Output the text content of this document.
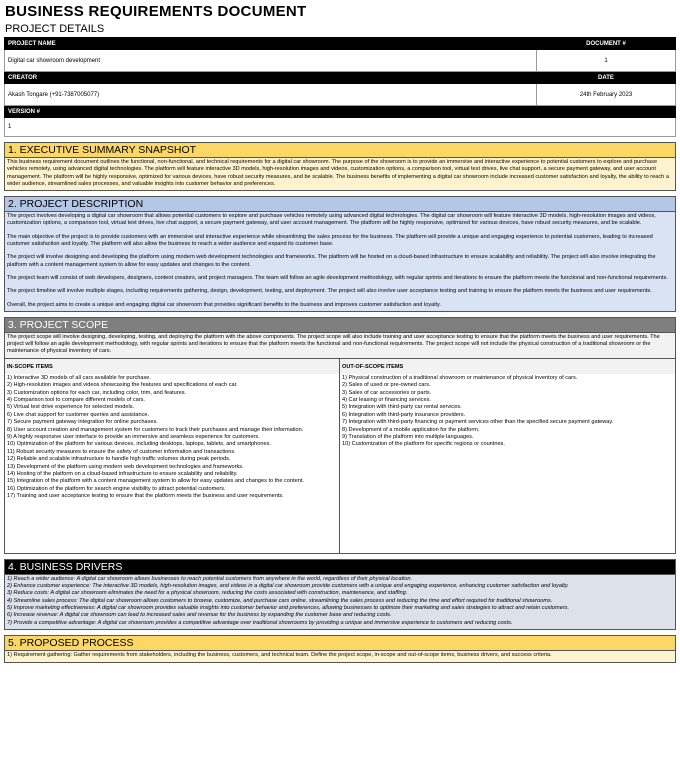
BUSINESS REQUIREMENTS DOCUMENT
PROJECT DETAILS
PROJECT NAME	DOCUMENT #
Digital car showroom development	1
CREATOR	DATE
Akash Tongare (+91-7387005077)	24th February 2023
VERSION #	
1	
1. EXECUTIVE SUMMARY SNAPSHOT
This business requirement document outlines the functional, non-functional, and technical requirements for a digital car showroom. The purpose of the showroom is to provide an immersive and interactive experience to potential customers to explore and purchase vehicles remotely, using advanced digital technologies. The platform will feature interactive 3D models, high-resolution images and videos, customization options, a comparison tool, virtual test drives, live chat support, a secure payment gateway, and user account management. The platform will be highly responsive, optimized for various devices, have robust security measures, and be scalable. The business benefits of implementing a digital car showroom include increased customer satisfaction and loyalty, the ability to reach a wider audience, streamlined sales processes, and valuable insights into customer behavior and preferences.
2. PROJECT DESCRIPTION

The project involves developing a digital car showroom that allows potential customers to explore and purchase vehicles remotely using advanced digital technologies. The digital car showroom will feature interactive 3D models, high-resolution images and videos, customization options, a comparison tool, virtual test drives, live chat support, a secure payment gateway, and user account management. The platform will be highly responsive, optimized for various devices, have robust security measures, and be scalable.

The main objective of the project is to provide customers with an immersive and interactive experience while streamlining the sales process for the business. The platform will provide a unique and engaging experience to potential customers, leading to increased customer satisfaction and loyalty. The platform will also allow the business to reach a wider audience and expand its customer base.

The project will involve designing and developing the platform using modern web development technologies and frameworks. The platform will be hosted on a cloud-based infrastructure to ensure scalability and reliability. The project will also involve integrating the platform with a content management system to allow for easy updates and changes to the content.

The project team will consist of web developers, designers, content creators, and project managers. The team will follow an agile development methodology, with regular sprints and iterations to ensure the platform meets the functional and non-functional requirements.

The project timeline will involve multiple stages, including requirements gathering, design, development, testing, and deployment. The project will also involve user acceptance testing and training to ensure the platform meets the business and user requirements.

Overall, the project aims to create a unique and engaging digital car showroom that provides significant benefits to the business and improves customer satisfaction and loyalty.

3. PROJECT SCOPE
The project scope will involve designing, developing, testing, and deploying the platform with the above components. The project scope will also include training and user acceptance testing to ensure that the platform meets the business and user requirements. The project will follow an agile development methodology, with regular sprints and iterations to ensure that the platform meets the functional and non-functional requirements. The project scope will not include the physical construction of a traditional showroom or the maintenance of physical inventory of cars.
IN-SCOPE ITEMS
1) Interactive 3D models of all cars available for purchase.
2) High-resolution images and videos showcasing the features and specifications of each car.
3) Customization options for each car, including color, trim, and features.
4) Comparison tool to compare different models of cars.
5) Virtual test drive experience for selected models.
6) Live chat support for customer queries and assistance.
7) Secure payment gateway integration for online purchases.
8) User account creation and management system for customers to track their purchases and manage their information.
9) A highly responsive user interface to provide an immersive and seamless experience for customers.
10) Optimization of the platform for various devices, including desktops, laptops, tablets, and smartphones.
11) Robust security measures to ensure the safety of customer information and transactions.
12) Reliable and scalable infrastructure to handle high traffic volumes during peak periods.
13) Development of the platform using modern web development technologies and frameworks.
14) Hosting of the platform on a cloud-based infrastructure to ensure scalability and reliability.
15) Integration of the platform with a content management system to allow for easy updates and changes to the content.
16) Optimization of the platform for search engine visibility to attract potential customers.
17) Training and user acceptance testing to ensure that the platform meets the business and user requirements.
OUT-OF-SCOPE ITEMS
1) Physical construction of a traditional showroom or maintenance of physical inventory of cars.
2) Sales of used or pre-owned cars.
3) Sales of car accessories or parts.
4) Car leasing or financing services.
5) Integration with third-party car rental services.
6) Integration with third-party insurance providers.
7) Integration with third-party financing or payment services other than the specified secure payment gateway.
8) Development of a mobile application for the platform.
9) Translation of the platform into multiple languages.
10) Customization of the platform for specific regions or countries.
4. BUSINESS DRIVERS
1) Reach a wider audience: A digital car showroom allows businesses to reach potential customers from anywhere in the world, regardless of their physical location.
2) Enhance customer experience: The interactive 3D models, high-resolution images, and videos in a digital car showroom provide customers with a unique and engaging experience, enhancing customer satisfaction and loyalty.
3) Reduce costs: A digital car showroom eliminates the need for a physical showroom, reducing the costs associated with construction, maintenance, and staffing.
4) Streamline sales process: The digital car showroom allows customers to browse, customize, and purchase cars online, streamlining the sales process and reducing the time and effort required for traditional showrooms.
5) Improve marketing effectiveness: A digital car showroom provides valuable insights into customer behavior and preferences, allowing businesses to optimize their marketing and sales strategies to attract and retain customers.
6) Increase revenue: A digital car showroom can lead to increased sales and revenue for the business by expanding the customer base and reducing costs.
7) Provide a competitive advantage: A digital car showroom provides a competitive advantage over traditional showrooms by providing a unique and immersive experience to customers and reducing costs.
5. PROPOSED PROCESS
1) Requirement gathering: Gather requirements from stakeholders, including the business, customers, and technical team. Define the project scope, in-scope and out-of-scope items, business drivers, and success criteria.
